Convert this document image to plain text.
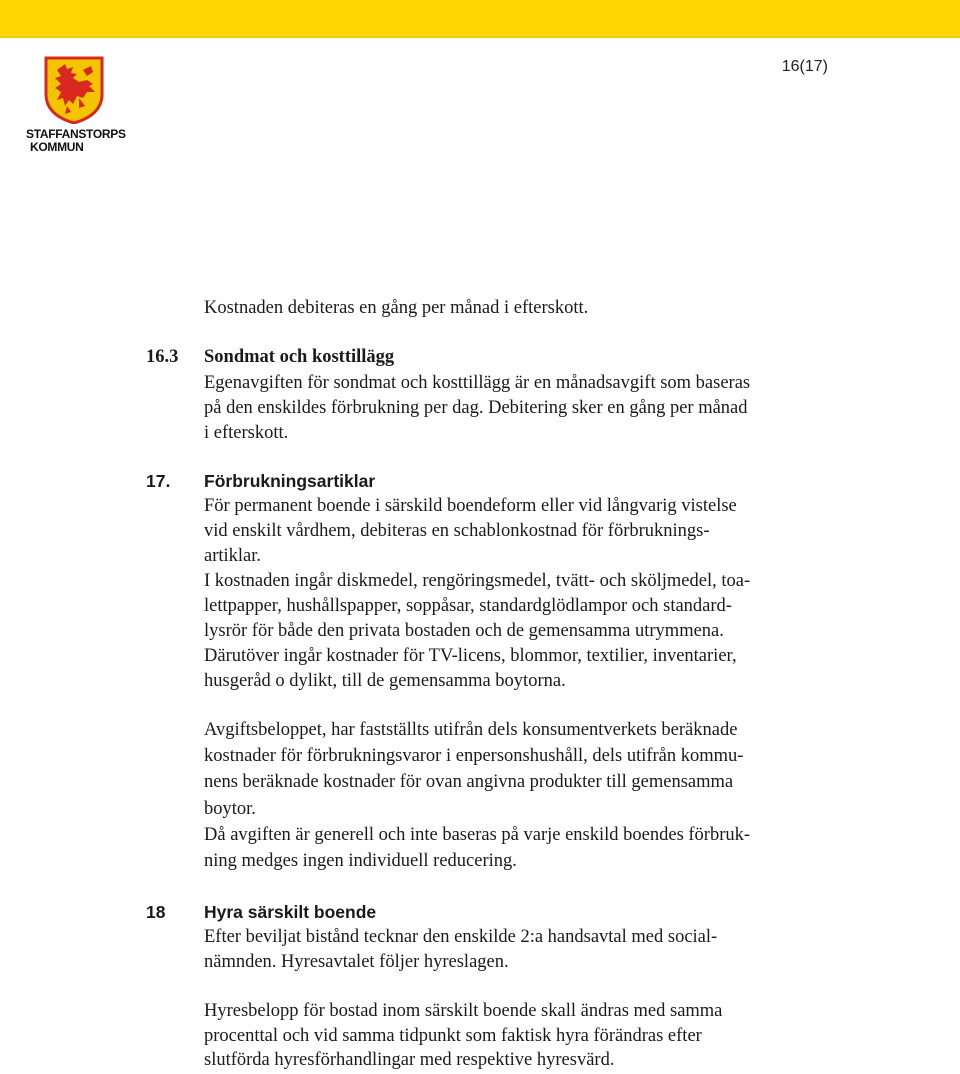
16(17)
STAFFANSTORPS
KOMMUN
Kostnaden debiteras en gång per månad i efterskott.
16.3 Sondmat och kosttillägg
Egenavgiften för sondmat och kosttillägg är en månadsavgift som baseras
på den enskildes förbrukning per dag. Debitering sker en gång per månad
i efterskott.
17. Förbrukningsartiklar
För permanent boende i särskild boendeform eller vid långvarig vistelse
vid enskilt vårdhem, debiteras en schablonkostnad för förbruknings-
artiklar.
I kostnaden ingår diskmedel, rengöringsmedel, tvätt- och sköljmedel, toa-
lettpapper, hushållspapper, soppåsar, standardglödlampor och standard-
lysrör för både den privata bostaden och de gemensamma utrymmena.
Därutöver ingår kostnader för TV-licens, blommor, textilier, inventarier,
husgeråd o dylikt, till de gemensamma boytorna.
Avgiftsbeloppet, har fastställts utifrån dels konsumentverkets beräknade
kostnader för förbrukningsvaror i enpersonshushåll, dels utifrån kommu-
nens beräknade kostnader för ovan angivna produkter till gemensamma
boytor.
Då avgiften är generell och inte baseras på varje enskild boendes förbruk-
ning medges ingen individuell reducering.
18 Hyra särskilt boende
Efter beviljat bistånd tecknar den enskilde 2:a handsavtal med social-
nämnden. Hyresavtalet följer hyreslagen.
Hyresbelopp för bostad inom särskilt boende skall ändras med samma
procenttal och vid samma tidpunkt som faktisk hyra förändras efter
slutförda hyresförhandlingar med respektive hyresvärd.
